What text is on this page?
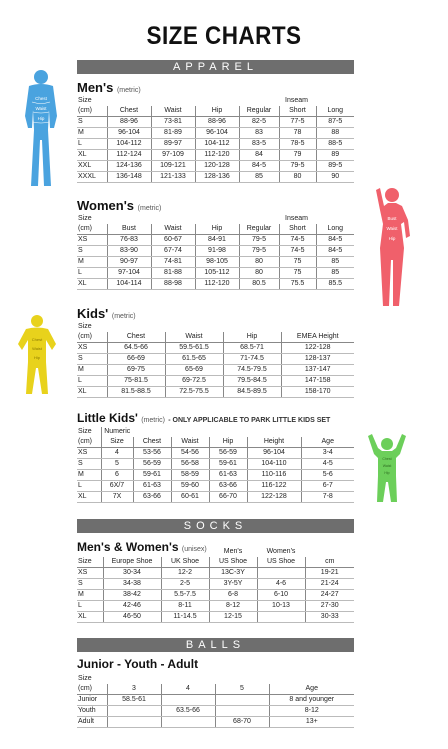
SIZE CHARTS
APPAREL
Chest
Waist
Hip
Men's (metric)
Size				Inseam		
(cm)	Chest	Waist	Hip	Regular	Short	Long
S	88-96	73-81	88-96	82-5	77-5	87-5
M	96-104	81-89	96-104	83	78	88
L	104-112	89-97	104-112	83-5	78-5	88-5
XL	112-124	97-109	112-120	84	79	89
XXL	124-136	109-121	120-128	84-5	79-5	89-5
XXXL	136-148	121-133	128-136	85	80	90
Women's (metric)
Size				Inseam		
(cm)	Bust	Waist	Hip	Regular	Short	Long
XS	76-83	60-67	84-91	79-5	74-5	84-5
S	83-90	67-74	91-98	79-5	74-5	84-5
M	90-97	74-81	98-105	80	75	85
L	97-104	81-88	105-112	80	75	85
XL	104-114	88-98	112-120	80.5	75.5	85.5
Bust
Waist
Hip
Chest
Waist
Hip
Kids' (metric)
Size				
(cm)	Chest	Waist	Hip	EMEA Height
XS	64.5-66	59.5-61.5	68.5-71	122-128
S	66-69	61.5-65	71-74.5	128-137
M	69-75	65-69	74.5-79.5	137-147
L	75-81.5	69-72.5	79.5-84.5	147-158
XL	81.5-88.5	72.5-75.5	84.5-89.5	158-170
Little Kids' (metric) - ONLY APPLICABLE TO PARK LITTLE KIDS SET
Size	Numeric					
(cm)	Size	Chest	Waist	Hip	Height	Age
XS	4	53-56	54-56	56-59	96-104	3-4
S	5	56-59	56-58	59-61	104-110	4-5
M	6	59-61	58-59	61-63	110-116	5-6
L	6X/7	61-63	59-60	63-66	116-122	6-7
XL	7X	63-66	60-61	66-70	122-128	7-8
Chest
Waist
Hip
SOCKS
Men's & Women's (unisex)
			Men's	Women's	
Size	Europe Shoe	UK Shoe	US Shoe	US Shoe	cm
XS	30-34	12-2	13C-3Y		19-21
S	34-38	2-5	3Y-5Y	4-6	21-24
M	38-42	5.5-7.5	6-8	6-10	24-27
L	42-46	8-11	8-12	10-13	27-30
XL	46-50	11-14.5	12-15		30-33
BALLS
Junior - Youth - Adult
Size				
(cm)	3	4	5	Age
Junior	58.5-61			8 and younger
Youth		63.5-66		8-12
Adult			68-70	13+
